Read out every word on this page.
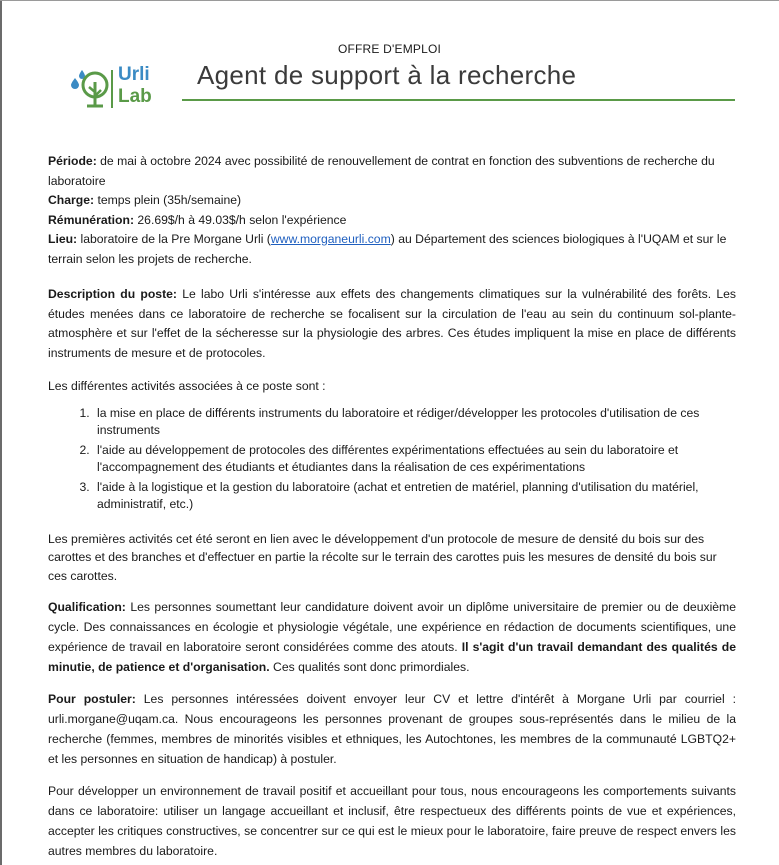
OFFRE D'EMPLOI
Urli
Lab
Agent de support à la recherche

Période: de mai à octobre 2024 avec possibilité de renouvellement de contrat en fonction des subventions de recherche du laboratoire

Charge: temps plein (35h/semaine)

Rémunération: 26.69$/h à 49.03$/h selon l'expérience

Lieu: laboratoire de la Pre Morgane Urli (www.morganeurli.com) au Département des sciences biologiques à l'UQAM et sur le terrain selon les projets de recherche.

Description du poste: Le labo Urli s'intéresse aux effets des changements climatiques sur la vulnérabilité des forêts. Les études menées dans ce laboratoire de recherche se focalisent sur la circulation de l'eau au sein du continuum sol-plante-atmosphère et sur l'effet de la sécheresse sur la physiologie des arbres. Ces études impliquent la mise en place de différents instruments de mesure et de protocoles.

Les différentes activités associées à ce poste sont :

1. la mise en place de différents instruments du laboratoire et rédiger/développer les protocoles d'utilisation de ces instruments
2. l'aide au développement de protocoles des différentes expérimentations effectuées au sein du laboratoire et l'accompagnement des étudiants et étudiantes dans la réalisation de ces expérimentations
3. l'aide à la logistique et la gestion du laboratoire (achat et entretien de matériel, planning d'utilisation du matériel, administratif, etc.)

Les premières activités cet été seront en lien avec le développement d'un protocole de mesure de densité du bois sur des carottes et des branches et d'effectuer en partie la récolte sur le terrain des carottes puis les mesures de densité du bois sur ces carottes.

Qualification: Les personnes soumettant leur candidature doivent avoir un diplôme universitaire de premier ou de deuxième cycle. Des connaissances en écologie et physiologie végétale, une expérience en rédaction de documents scientifiques, une expérience de travail en laboratoire seront considérées comme des atouts. Il s'agit d'un travail demandant des qualités de minutie, de patience et d'organisation. Ces qualités sont donc primordiales.

Pour postuler: Les personnes intéressées doivent envoyer leur CV et lettre d'intérêt à Morgane Urli par courriel : urli.morgane@uqam.ca. Nous encourageons les personnes provenant de groupes sous-représentés dans le milieu de la recherche (femmes, membres de minorités visibles et ethniques, les Autochtones, les membres de la communauté LGBTQ2+ et les personnes en situation de handicap) à postuler.

Pour développer un environnement de travail positif et accueillant pour tous, nous encourageons les comportements suivants dans ce laboratoire: utiliser un langage accueillant et inclusif, être respectueux des différents points de vue et expériences, accepter les critiques constructives, se concentrer sur ce qui est le mieux pour le laboratoire, faire preuve de respect envers les autres membres du laboratoire.
